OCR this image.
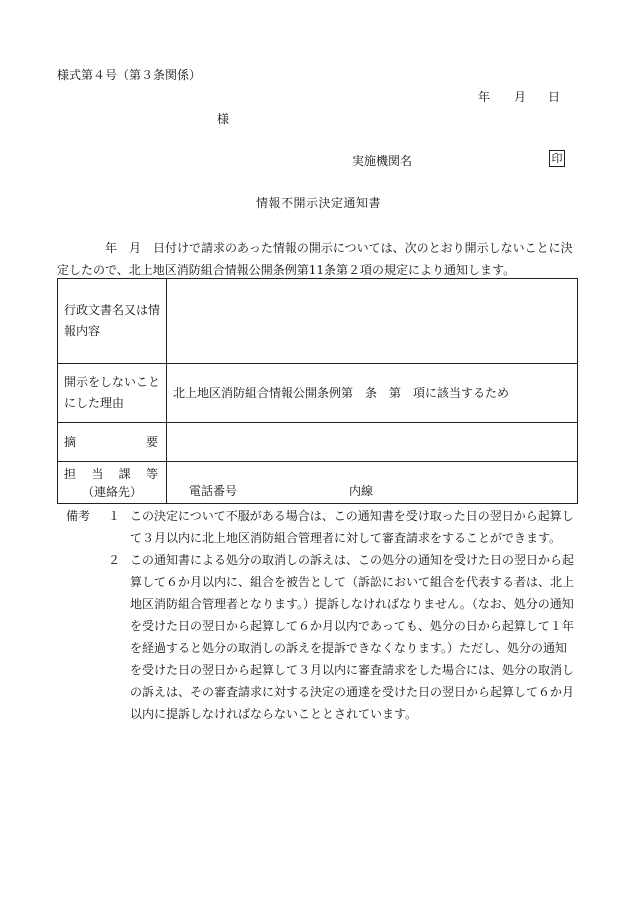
様式第４号（第３条関係）
年 月 日
様
実施機関名	印
情報不開示決定通知書
年　月　日付けで請求のあった情報の開示については、次のとおり開示しないことに決定したので、北上地区消防組合情報公開条例第11条第２項の規定により通知します。
行政文書名又は情報内容	
開示をしないことにした理由	北上地区消防組合情報公開条例第　条　第　項に該当するため

摘 要	

担 当 課 等
（連絡先）	電話番号 内線
備考 １ この決定について不服がある場合は、この通知書を受け取った日の翌日から起算して３月以内に北上地区消防組合管理者に対して審査請求をすることができます。
２ この通知書による処分の取消しの訴えは、この処分の通知を受けた日の翌日から起算して６か月以内に、組合を被告として（訴訟において組合を代表する者は、北上地区消防組合管理者となります。）提訴しなければなりません。（なお、処分の通知を受けた日の翌日から起算して６か月以内であっても、処分の日から起算して１年を経過すると処分の取消しの訴えを提訴できなくなります。）ただし、処分の通知を受けた日の翌日から起算して３月以内に審査請求をした場合には、処分の取消しの訴えは、その審査請求に対する決定の通達を受けた日の翌日から起算して６か月以内に提訴しなければならないこととされています。
